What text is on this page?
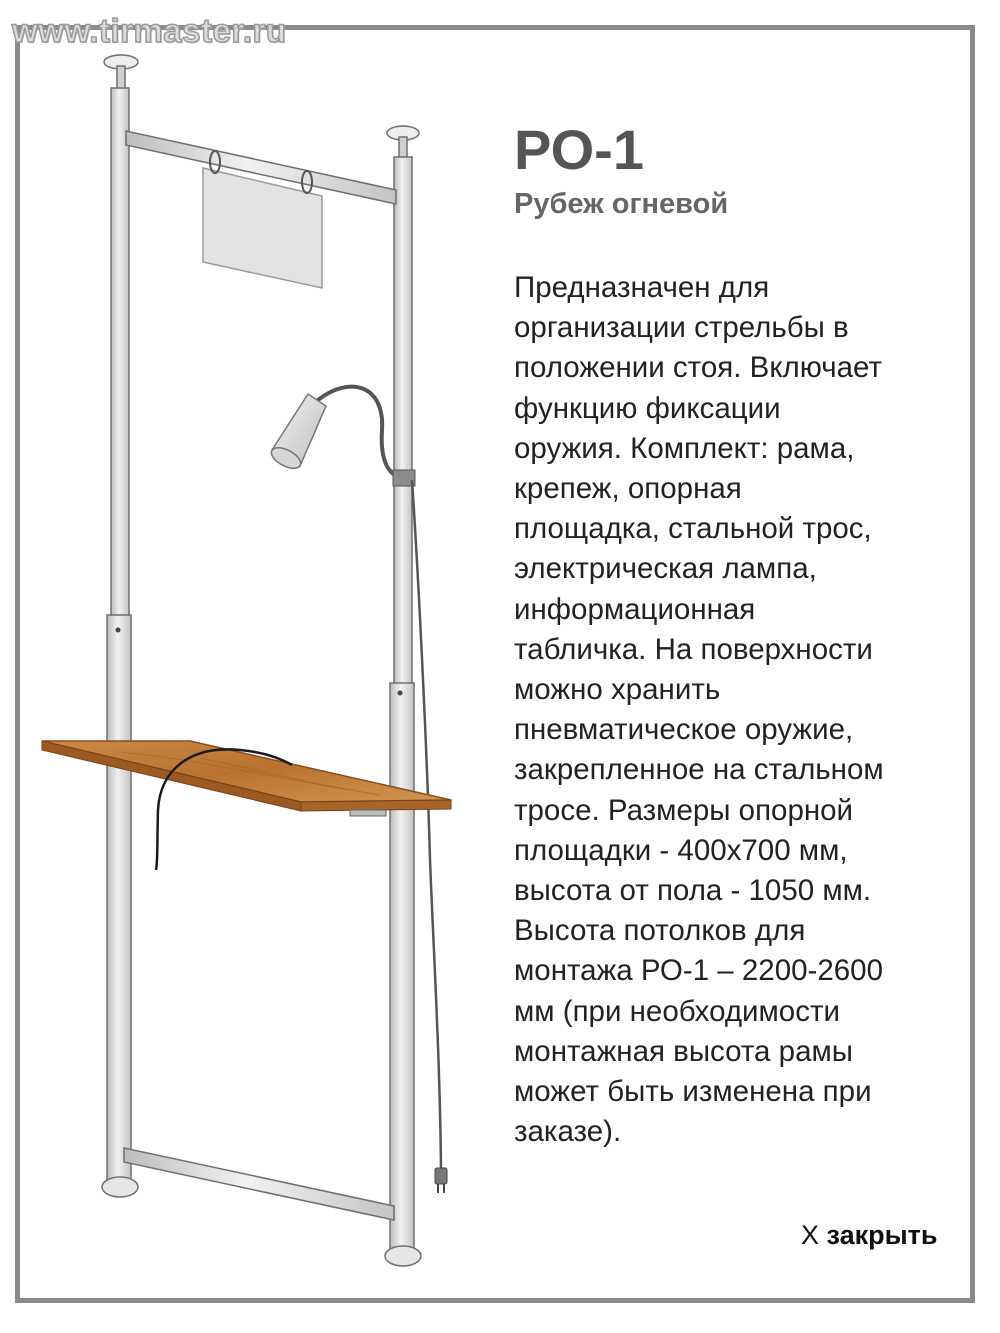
www.tirmaster.ru
РО-1
Рубеж огневой
Предназначен для
организации стрельбы в
положении стоя. Включает
функцию фиксации
оружия. Комплект: рама,
крепеж, опорная
площадка, стальной трос,
электрическая лампа,
информационная
табличка. На поверхности
можно хранить
пневматическое оружие,
закрепленное на стальном
тросе. Размеры опорной
площадки - 400х700 мм,
высота от пола - 1050 мм.
Высота потолков для
монтажа РО-1 – 2200-2600
мм (при необходимости
монтажная высота рамы
может быть изменена при
заказе).
Х закрыть
